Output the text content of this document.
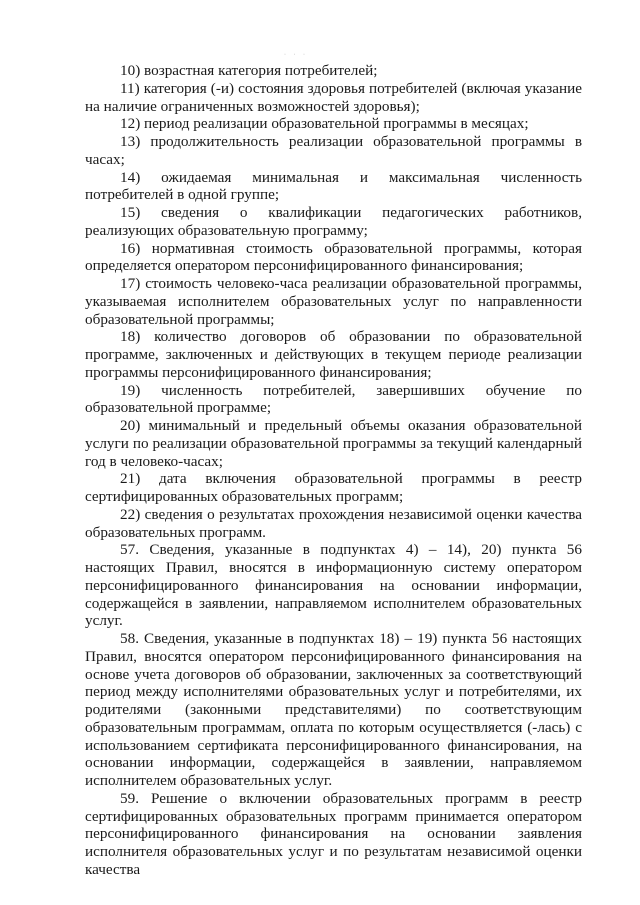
· · ·

10) возрастная категория потребителей;

11) категория (-и) состояния здоровья потребителей (включая указание на наличие ограниченных возможностей здоровья);

12) период реализации образовательной программы в месяцах;

13) продолжительность реализации образовательной программы в часах;

14) ожидаемая минимальная и максимальная численность потребителей в одной группе;

15) сведения о квалификации педагогических работников, реализующих образовательную программу;

16) нормативная стоимость образовательной программы, которая определяется оператором персонифицированного финансирования;

17) стоимость человеко-часа реализации образовательной программы, указываемая исполнителем образовательных услуг по направленности образовательной программы;

18) количество договоров об образовании по образовательной программе, заключенных и действующих в текущем периоде реализации программы персонифицированного финансирования;

19) численность потребителей, завершивших обучение по образовательной программе;

20) минимальный и предельный объемы оказания образовательной услуги по реализации образовательной программы за текущий календарный год в человеко-часах;

21) дата включения образовательной программы в реестр сертифицированных образовательных программ;

22) сведения о результатах прохождения независимой оценки качества образовательных программ.

57. Сведения, указанные в подпунктах 4) – 14), 20) пункта 56 настоящих Правил, вносятся в информационную систему оператором персонифицированного финансирования на основании информации, содержащейся в заявлении, направляемом исполнителем образовательных услуг.

58. Сведения, указанные в подпунктах 18) – 19) пункта 56 настоящих Правил, вносятся оператором персонифицированного финансирования на основе учета договоров об образовании, заключенных за соответствующий период между исполнителями образовательных услуг и потребителями, их родителями (законными представителями) по соответствующим образовательным программам, оплата по которым осуществляется (-лась) с использованием сертификата персонифицированного финансирования, на основании информации, содержащейся в заявлении, направляемом исполнителем образовательных услуг.

59. Решение о включении образовательных программ в реестр сертифицированных образовательных программ принимается оператором персонифицированного финансирования на основании заявления исполнителя образовательных услуг и по результатам независимой оценки качества
